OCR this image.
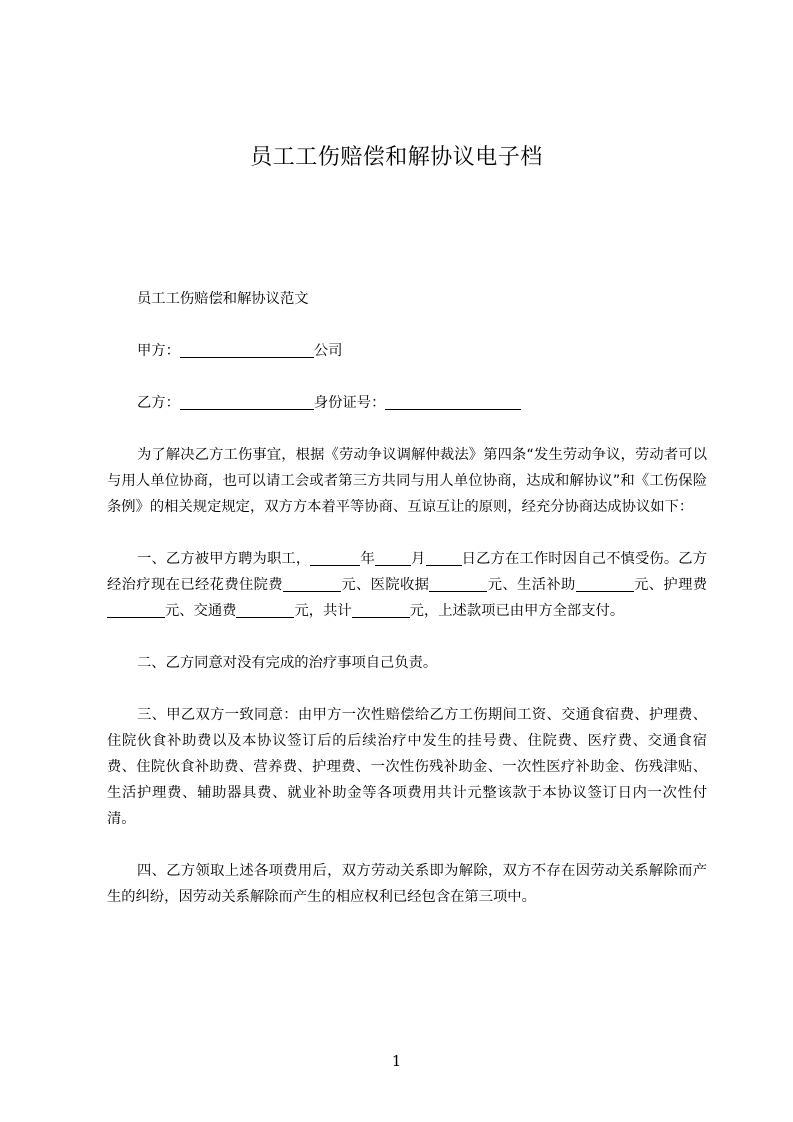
员工工伤赔偿和解协议电子档

员工工伤赔偿和解协议范文

甲方：	公司

乙方：	身份证号：

为了解决乙方工伤事宜，根据《劳动争议调解仲裁法》第四条“发生劳动争议，劳动者可以与用人单位协商，也可以请工会或者第三方共同与用人单位协商，达成和解协议”和《工伤保险条例》的相关规定规定，双方方本着平等协商、互谅互让的原则，经充分协商达成协议如下：

一、乙方被甲方聘为职工，	年	月	日乙方在工作时因自己不慎受伤。乙方经治疗现在已经花费住院费	元、医院收据	元、生活补助	元、护理费元、交通费	元，共计	元，上述款项已由甲方全部支付。

二、乙方同意对没有完成的治疗事项自己负责。

三、甲乙双方一致同意：由甲方一次性赔偿给乙方工伤期间工资、交通食宿费、护理费、住院伙食补助费以及本协议签订后的后续治疗中发生的挂号费、住院费、医疗费、交通食宿费、住院伙食补助费、营养费、护理费、一次性伤残补助金、一次性医疗补助金、伤残津贴、生活护理费、辅助器具费、就业补助金等各项费用共计元整该款于本协议签订日内一次性付清。

四、乙方领取上述各项费用后，双方劳动关系即为解除，双方不存在因劳动关系解除而产生的纠纷，因劳动关系解除而产生的相应权利已经包含在第三项中。

1
